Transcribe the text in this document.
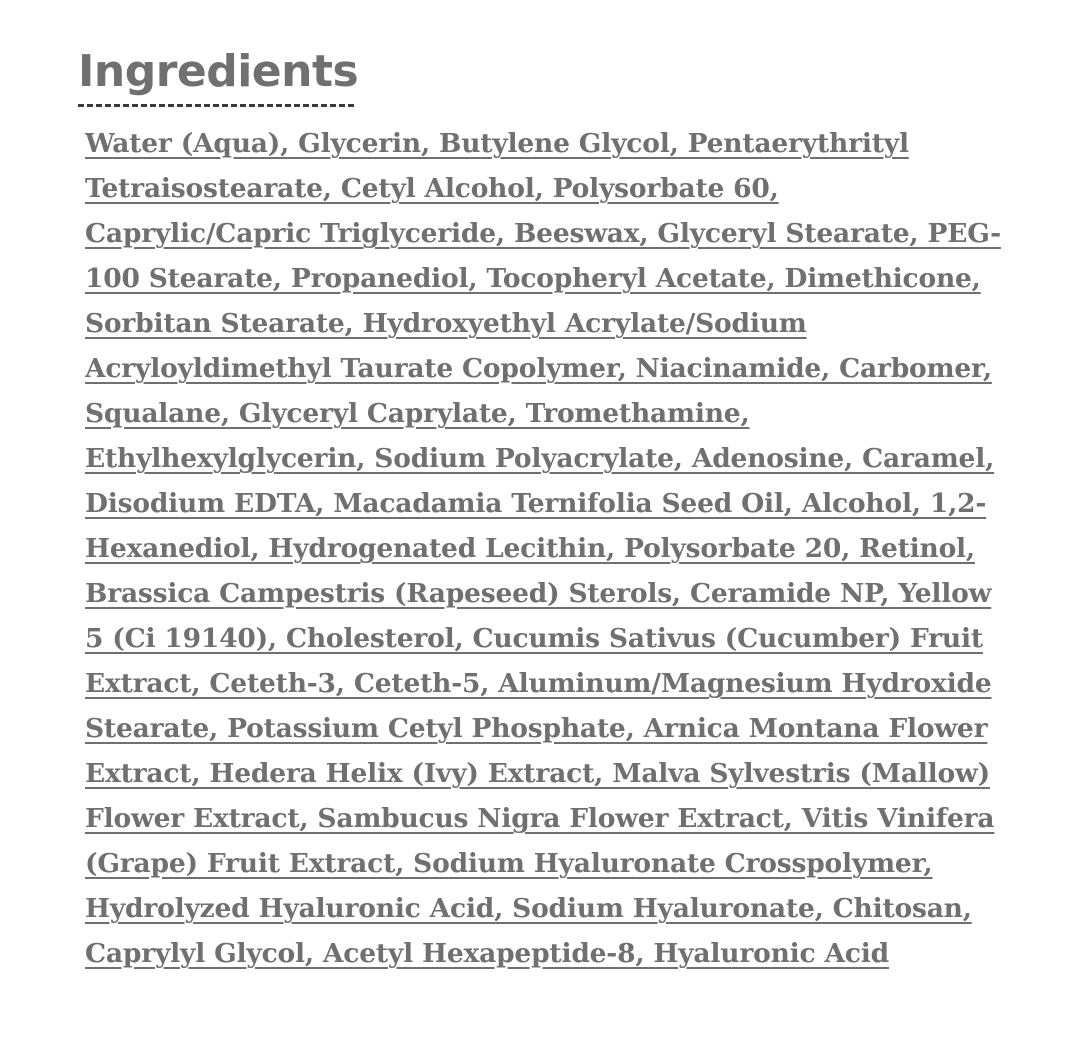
Ingredients

Water (Aqua), Glycerin, Butylene Glycol, Pentaerythrityl Tetraisostearate, Cetyl Alcohol, Polysorbate 60, Caprylic/Capric Triglyceride, Beeswax, Glyceryl Stearate, PEG-100 Stearate, Propanediol, Tocopheryl Acetate, Dimethicone, Sorbitan Stearate, Hydroxyethyl Acrylate/Sodium Acryloyldimethyl Taurate Copolymer, Niacinamide, Carbomer, Squalane, Glyceryl Caprylate, Tromethamine, Ethylhexylglycerin, Sodium Polyacrylate, Adenosine, Caramel, Disodium EDTA, Macadamia Ternifolia Seed Oil, Alcohol, 1,2-Hexanediol, Hydrogenated Lecithin, Polysorbate 20, Retinol, Brassica Campestris (Rapeseed) Sterols, Ceramide NP, Yellow 5 (Ci 19140), Cholesterol, Cucumis Sativus (Cucumber) Fruit Extract, Ceteth-3, Ceteth-5, Aluminum/Magnesium Hydroxide Stearate, Potassium Cetyl Phosphate, Arnica Montana Flower Extract, Hedera Helix (Ivy) Extract, Malva Sylvestris (Mallow) Flower Extract, Sambucus Nigra Flower Extract, Vitis Vinifera (Grape) Fruit Extract, Sodium Hyaluronate Crosspolymer, Hydrolyzed Hyaluronic Acid, Sodium Hyaluronate, Chitosan, Caprylyl Glycol, Acetyl Hexapeptide-8, Hyaluronic Acid
